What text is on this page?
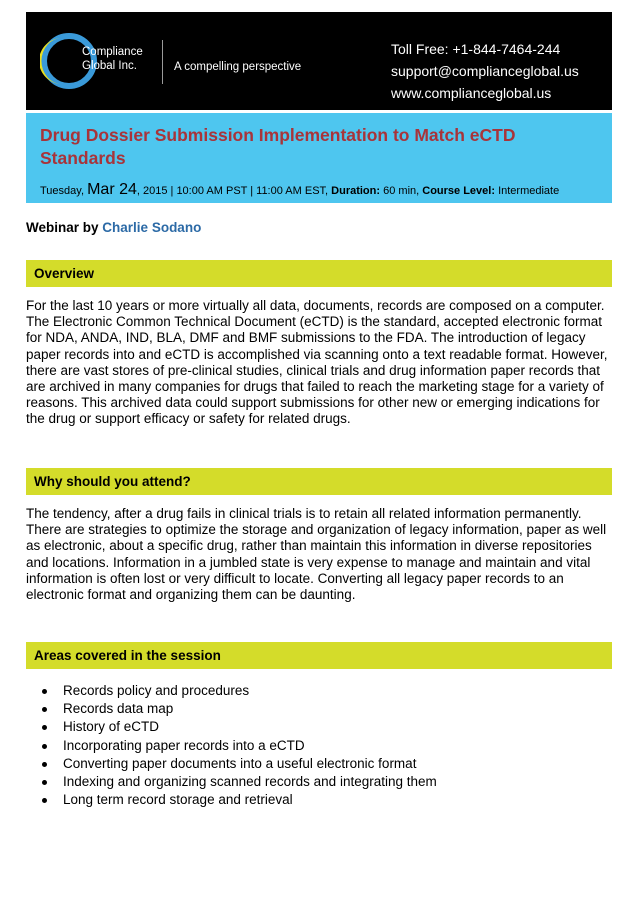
Compliance
Global Inc.	A compelling perspective
Toll Free: +1-844-7464-244
support@complianceglobal.us
www.complianceglobal.us
Drug Dossier Submission Implementation to Match eCTD Standards
Tuesday, Mar 24, 2015 | 10:00 AM PST | 11:00 AM EST, Duration: 60 min, Course Level: Intermediate
Webinar by Charlie Sodano
Overview

For the last 10 years or more virtually all data, documents, records are composed on a computer. The Electronic Common Technical Document (eCTD) is the standard, accepted electronic format for NDA, ANDA, IND, BLA, DMF and BMF submissions to the FDA. The introduction of legacy paper records into and eCTD is accomplished via scanning onto a text readable format. However, there are vast stores of pre-clinical studies, clinical trials and drug information paper records that are archived in many companies for drugs that failed to reach the marketing stage for a variety of reasons. This archived data could support submissions for other new or emerging indications for the drug or support efficacy or safety for related drugs.

Why should you attend?

The tendency, after a drug fails in clinical trials is to retain all related information permanently. There are strategies to optimize the storage and organization of legacy information, paper as well as electronic, about a specific drug, rather than maintain this information in diverse repositories and locations. Information in a jumbled state is very expense to manage and maintain and vital information is often lost or very difficult to locate. Converting all legacy paper records to an electronic format and organizing them can be daunting.

Areas covered in the session
Records policy and procedures
Records data map
History of eCTD
Incorporating paper records into a eCTD
Converting paper documents into a useful electronic format
Indexing and organizing scanned records and integrating them
Long term record storage and retrieval
